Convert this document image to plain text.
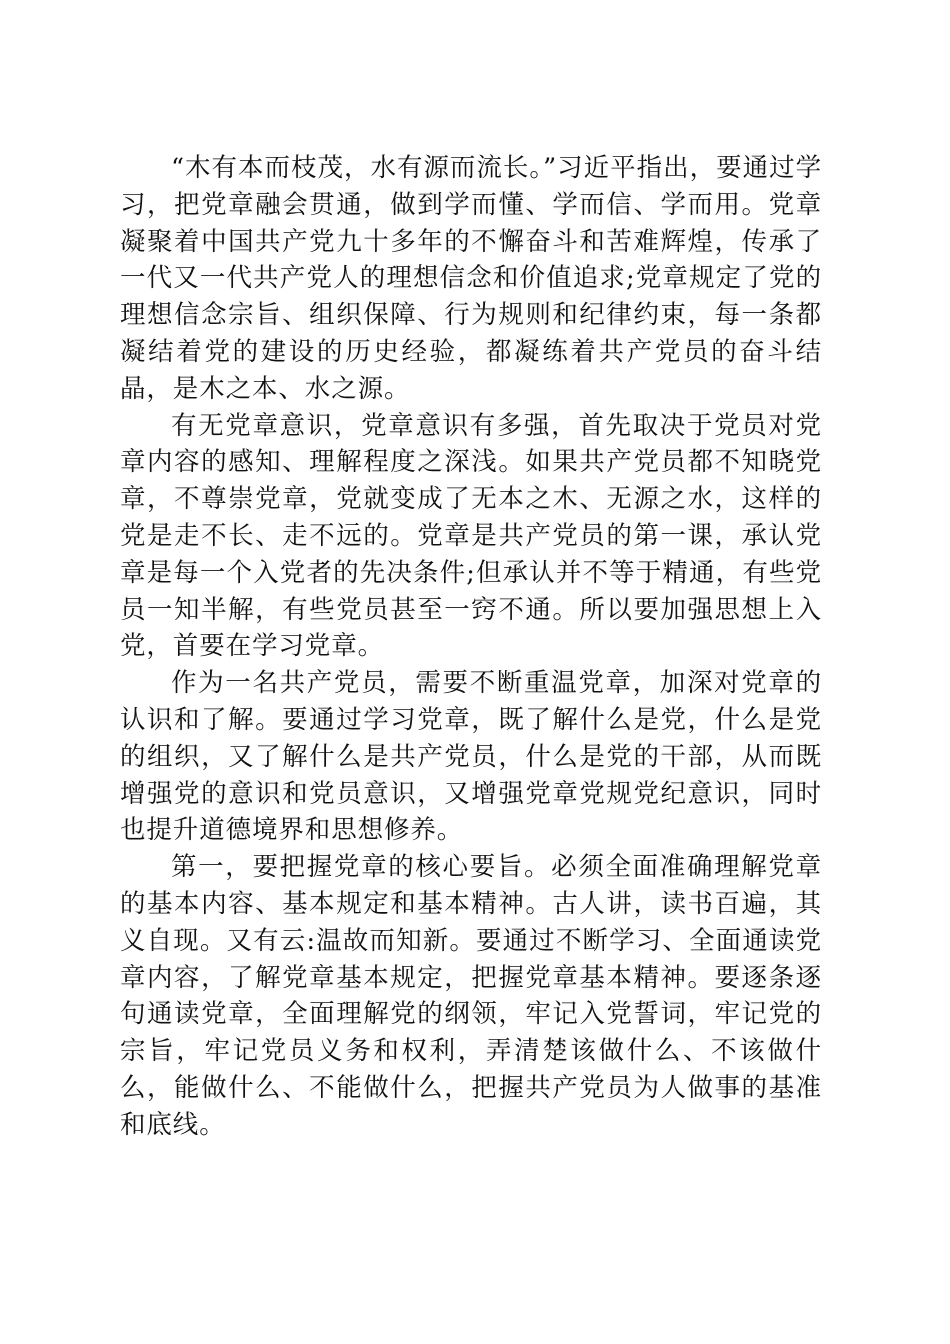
“木有本而枝茂，水有源而流长。”习近平指出，要通过学习，把党章融会贯通，做到学而懂、学而信、学而用。党章凝聚着中国共产党九十多年的不懈奋斗和苦难辉煌，传承了一代又一代共产党人的理想信念和价值追求;党章规定了党的理想信念宗旨、组织保障、行为规则和纪律约束，每一条都凝结着党的建设的历史经验，都凝练着共产党员的奋斗结晶，是木之本、水之源。

有无党章意识，党章意识有多强，首先取决于党员对党章内容的感知、理解程度之深浅。如果共产党员都不知晓党章，不尊崇党章，党就变成了无本之木、无源之水，这样的党是走不长、走不远的。党章是共产党员的第一课，承认党章是每一个入党者的先决条件;但承认并不等于精通，有些党员一知半解，有些党员甚至一窍不通。所以要加强思想上入党，首要在学习党章。

作为一名共产党员，需要不断重温党章，加深对党章的认识和了解。要通过学习党章，既了解什么是党，什么是党的组织，又了解什么是共产党员，什么是党的干部，从而既增强党的意识和党员意识，又增强党章党规党纪意识，同时也提升道德境界和思想修养。

第一，要把握党章的核心要旨。必须全面准确理解党章的基本内容、基本规定和基本精神。古人讲，读书百遍，其义自现。又有云:温故而知新。要通过不断学习、全面通读党章内容，了解党章基本规定，把握党章基本精神。要逐条逐句通读党章，全面理解党的纲领，牢记入党誓词，牢记党的宗旨，牢记党员义务和权利，弄清楚该做什么、不该做什么，能做什么、不能做什么，把握共产党员为人做事的基准和底线。
